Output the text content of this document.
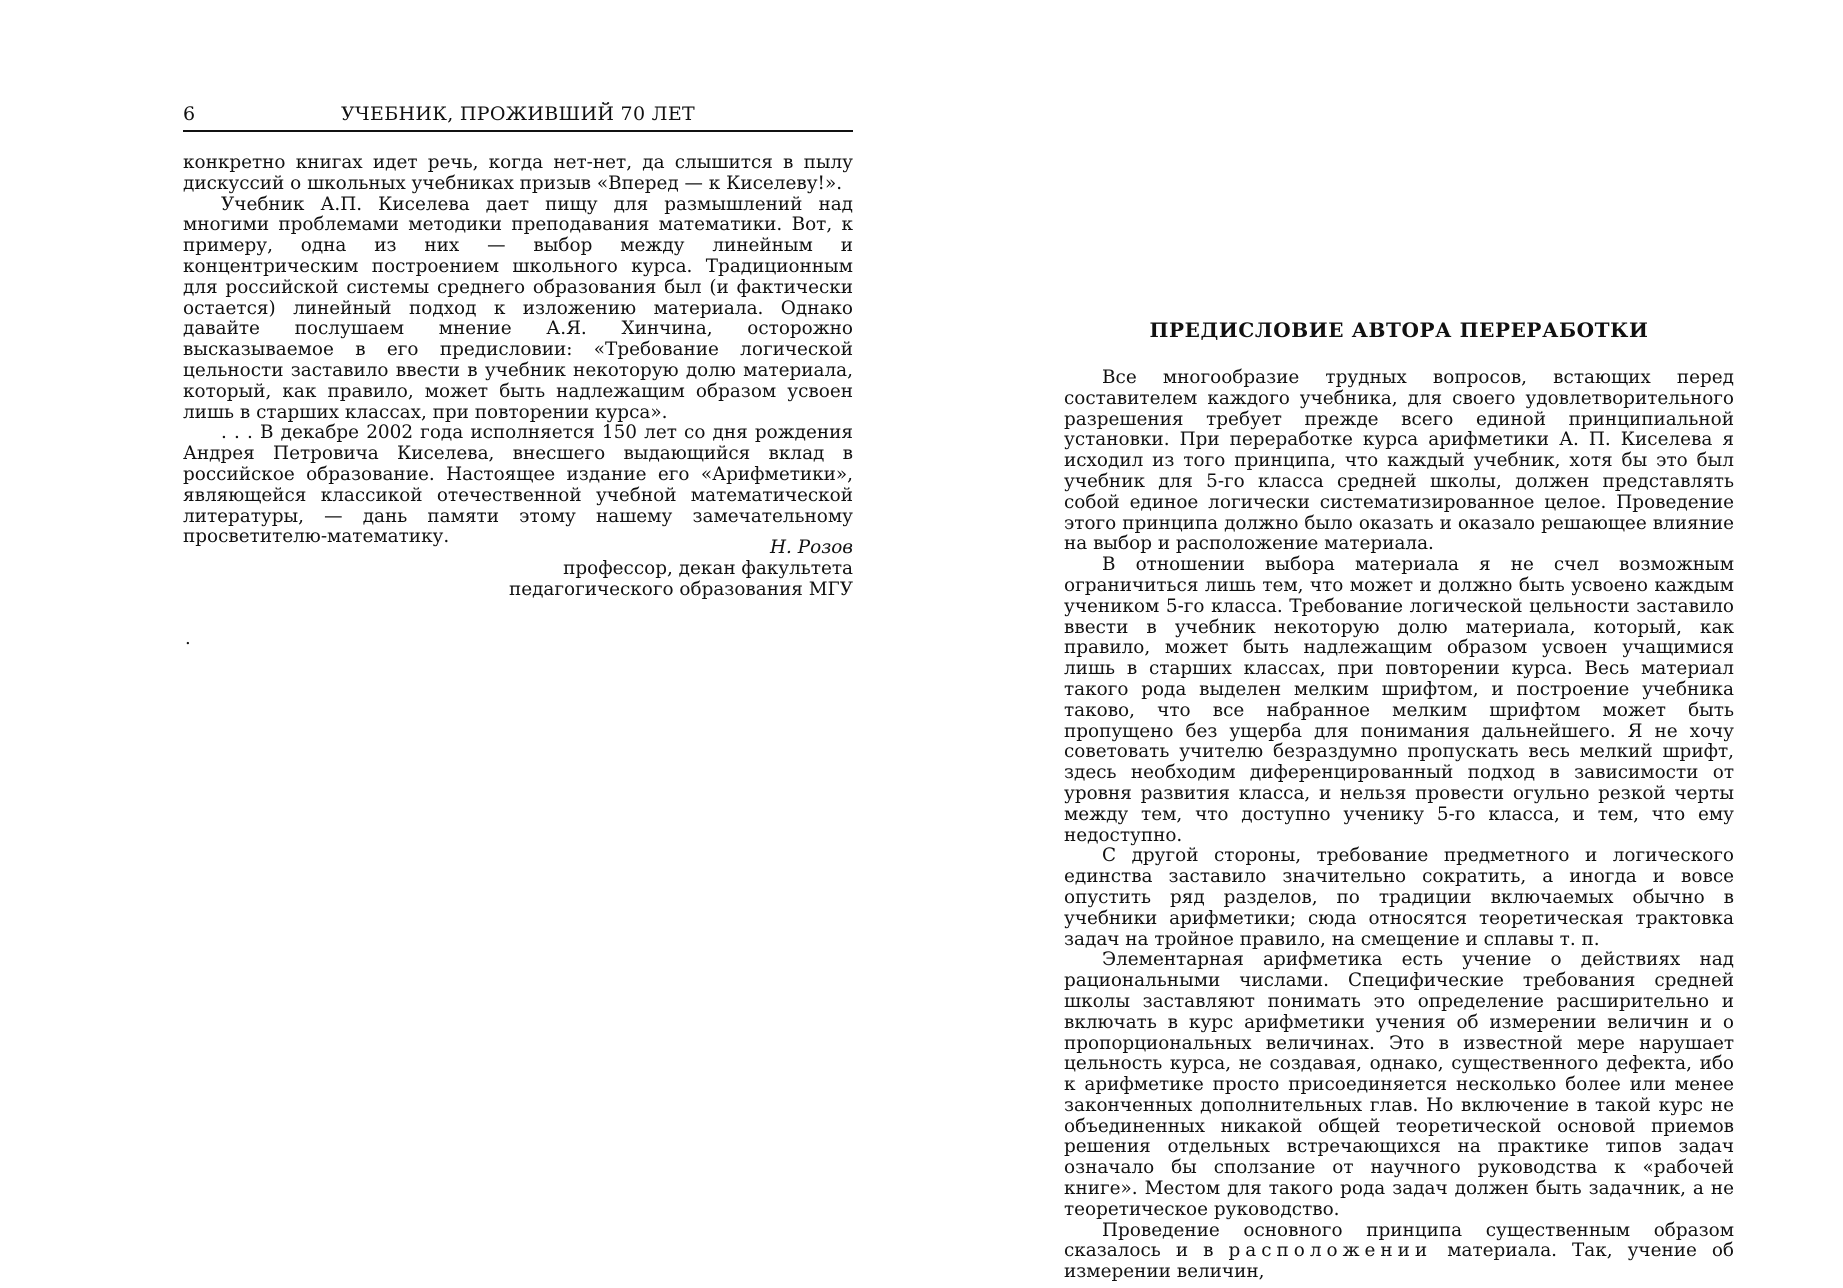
6	УЧЕБНИК, ПРОЖИВШИЙ 70 ЛЕТ

конкретно книгах идет речь, когда нет-нет, да слышится в пылу дискуссий о школьных учебниках призыв «Вперед — к Киселеву!».

Учебник А.П. Киселева дает пищу для размышлений над многими проблемами методики преподавания математики. Вот, к примеру, одна из них — выбор между линейным и концентрическим построением школьного курса. Традиционным для российской системы среднего образования был (и фактически остается) линейный подход к изложению материала. Однако давайте послушаем мнение А.Я. Хинчина, осторожно высказываемое в его предисловии: «Требование логической цельности заставило ввести в учебник некоторую долю материала, который, как правило, может быть надлежащим образом усвоен лишь в старших классах, при повторении курса».

. . . В декабре 2002 года исполняется 150 лет со дня рождения Андрея Петровича Киселева, внесшего выдающийся вклад в российское образование. Настоящее издание его «Арифметики», являющейся классикой отечественной учебной математической литературы, — дань памяти этому нашему замечательному просветителю-математику.

Н. Розов
профессор, декан факультета
педагогического образования МГУ
.
ПРЕДИСЛОВИЕ АВТОРА ПЕРЕРАБОТКИ

Все многообразие трудных вопросов, встающих перед составителем каждого учебника, для своего удовлетворительного разрешения требует прежде всего единой принципиальной установки. При переработке курса арифметики А. П. Киселева я исходил из того принципа, что каждый учебник, хотя бы это был учебник для 5-го класса средней школы, должен представлять собой единое логически систематизированное целое. Проведение этого принципа должно было оказать и оказало решающее влияние на выбор и расположение материала.

В отношении выбора материала я не счел возможным ограничиться лишь тем, что может и должно быть усвоено каждым учеником 5-го класса. Требование логической цельности заставило ввести в учебник некоторую долю материала, который, как правило, может быть надлежащим образом усвоен учащимися лишь в старших классах, при повторении курса. Весь материал такого рода выделен мелким шрифтом, и построение учебника таково, что все набранное мелким шрифтом может быть пропущено без ущерба для понимания дальнейшего. Я не хочу советовать учителю безраздумно пропускать весь мелкий шрифт, здесь необходим диференцированный подход в зависимости от уровня развития класса, и нельзя провести огульно резкой черты между тем, что доступно ученику 5-го класса, и тем, что ему недоступно.

С другой стороны, требование предметного и логического единства заставило значительно сократить, а иногда и вовсе опустить ряд разделов, по традиции включаемых обычно в учебники арифметики; сюда относятся теоретическая трактовка задач на тройное правило, на смещение и сплавы т. п.

Элементарная арифметика есть учение о действиях над рациональными числами. Специфические требования средней школы заставляют понимать это определение расширительно и включать в курс арифметики учения об измерении величин и о пропорциональных величинах. Это в известной мере нарушает цельность курса, не создавая, однако, существенного дефекта, ибо к арифметике просто присоединяется несколько более или менее законченных дополнительных глав. Но включение в такой курс не объединенных никакой общей теоретической основой приемов решения отдельных встречающихся на практике типов задач означало бы сползание от научного руководства к «рабочей книге». Местом для такого рода задач должен быть задачник, а не теоретическое руководство.

Проведение основного принципа существенным образом сказалось и в расположении материала. Так, учение об измерении величин,
